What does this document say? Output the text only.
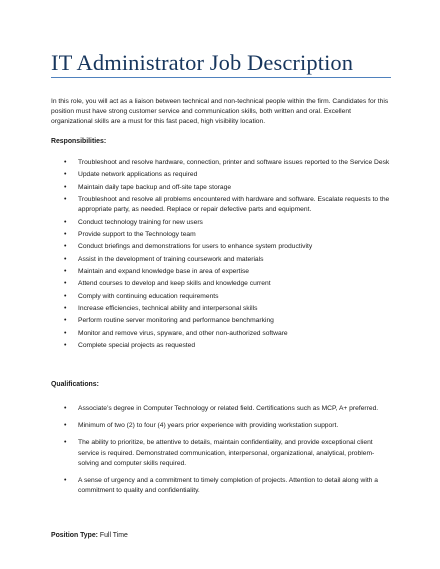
IT Administrator Job Description
In this role, you will act as a liaison between technical and non-technical people within the firm. Candidates for this position must have strong customer service and communication skills, both written and oral. Excellent organizational skills are a must for this fast paced, high visibility location.
Responsibilities:
• Troubleshoot and resolve hardware, connection, printer and software issues reported to the Service Desk
• Update network applications as required
• Maintain daily tape backup and off-site tape storage
• Troubleshoot and resolve all problems encountered with hardware and software. Escalate requests to the appropriate party, as needed. Replace or repair defective parts and equipment.
• Conduct technology training for new users
• Provide support to the Technology team
• Conduct briefings and demonstrations for users to enhance system productivity
• Assist in the development of training coursework and materials
• Maintain and expand knowledge base in area of expertise
• Attend courses to develop and keep skills and knowledge current
• Comply with continuing education requirements
• Increase efficiencies, technical ability and interpersonal skills
• Perform routine server monitoring and performance benchmarking
• Monitor and remove virus, spyware, and other non-authorized software
• Complete special projects as requested
Qualifications:
• Associate’s degree in Computer Technology or related field. Certifications such as MCP, A+ preferred.
• Minimum of two (2) to four (4) years prior experience with providing workstation support.
• The ability to prioritize, be attentive to details, maintain confidentiality, and provide exceptional client service is required. Demonstrated communication, interpersonal, organizational, analytical, problem-solving and computer skills required.
• A sense of urgency and a commitment to timely completion of projects. Attention to detail along with a commitment to quality and confidentiality.
Position Type: Full Time
